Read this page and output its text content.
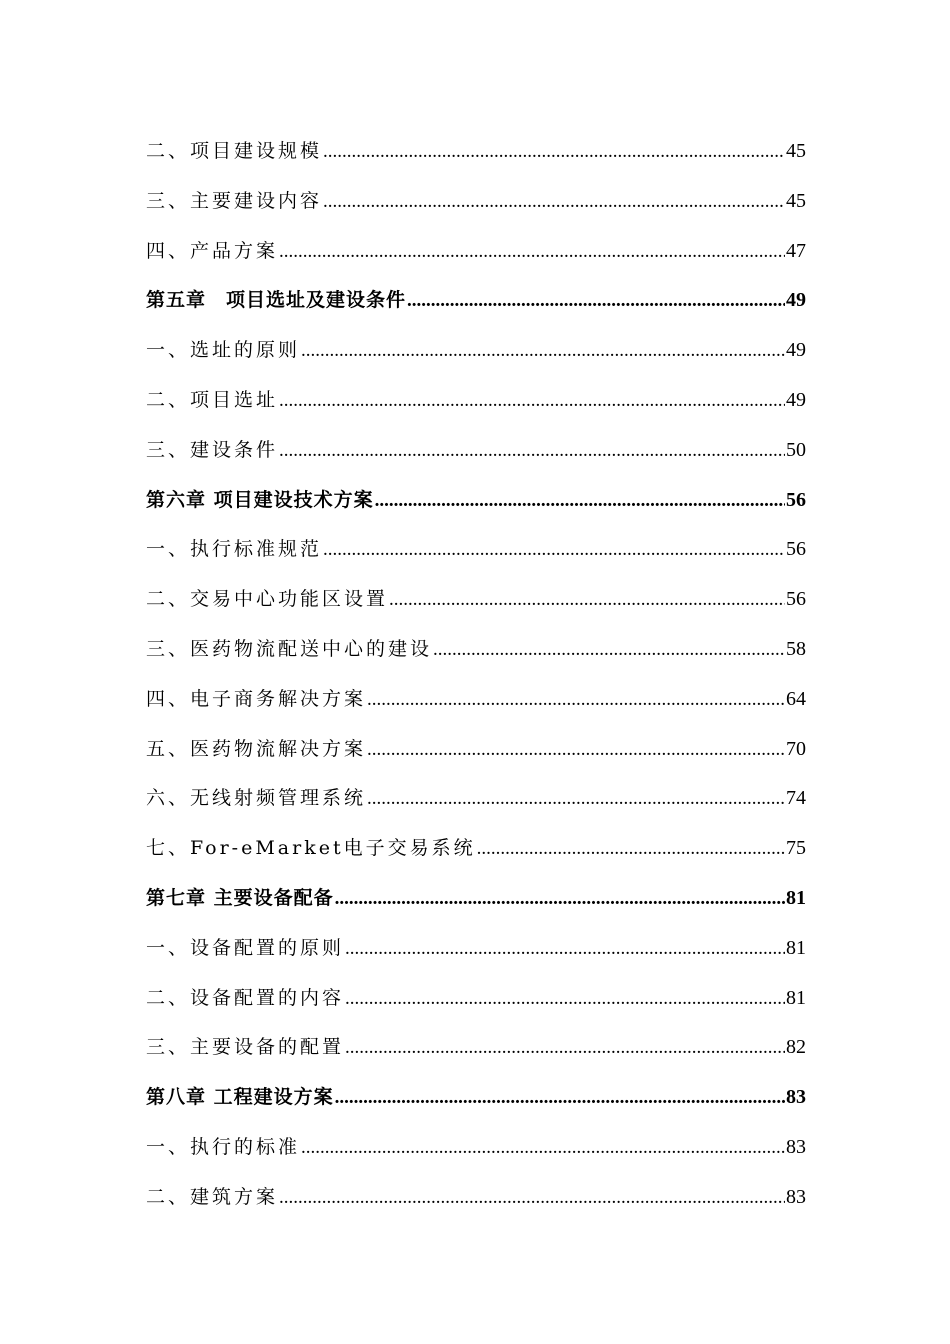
二、项目建设规模 .....	45
三、主要建设内容 .....	45
四、产品方案 .....	47
第五章　项目选址及建设条件 .....	49
一、选址的原则 .....	49
二、项目选址 .....	49
三、建设条件 .....	50
第六章 项目建设技术方案 .....	56
一、执行标准规范 .....	56
二、交易中心功能区设置 .....	56
三、医药物流配送中心的建设 .....	58
四、电子商务解决方案 .....	64
五、医药物流解决方案 .....	70
六、无线射频管理系统 .....	74
七、For-eMarket电子交易系统 .....	75
第七章 主要设备配备 .....	81
一、设备配置的原则 .....	81
二、设备配置的内容 .....	81
三、主要设备的配置 .....	82
第八章 工程建设方案 .....	83
一、执行的标准 .....	83
二、建筑方案 .....	83
